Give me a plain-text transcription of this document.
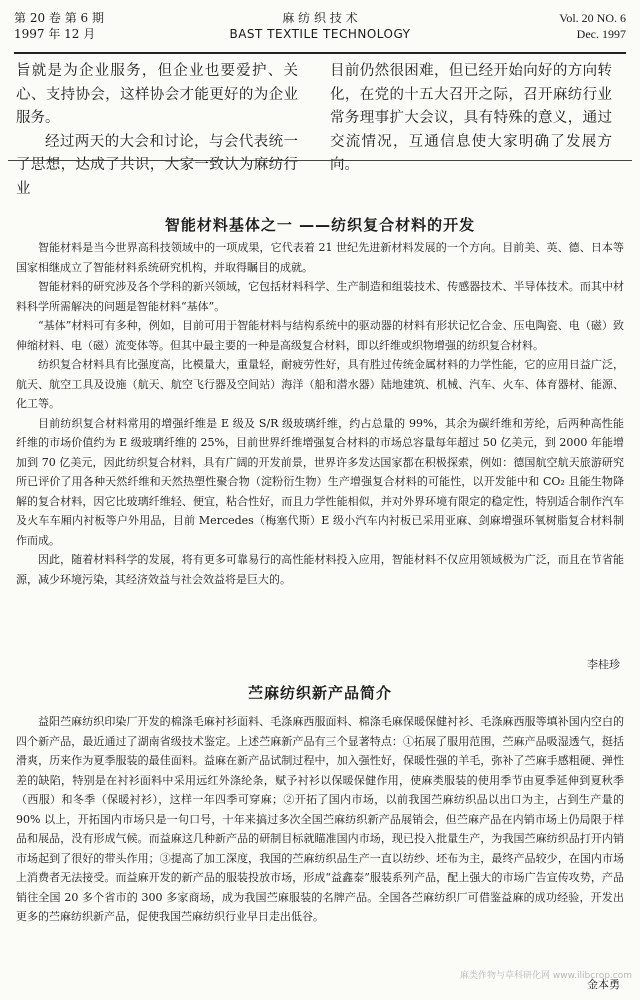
第 20 卷 第 6 期
1997 年 12 月
麻 纺 织 技 术
BAST TEXTILE TECHNOLOGY
Vol. 20 NO. 6
Dec. 1997

旨就是为企业服务，但企业也要爱护、关心、支持协会，这样协会才能更好的为企业服务。

经过两天的大会和讨论，与会代表统一了思想，达成了共识，大家一致认为麻纺行业

目前仍然很困难，但已经开始向好的方向转化，在党的十五大召开之际，召开麻纺行业常务理事扩大会议，具有特殊的意义，通过交流情况，互通信息使大家明确了发展方向。

智能材料基体之一 ——纺织复合材料的开发

智能材料是当今世界高科技领域中的一项成果，它代表着 21 世纪先进新材料发展的一个方向。目前美、英、德、日本等国家相继成立了智能材料系统研究机构，并取得瞩目的成就。

智能材料的研究涉及各个学科的新兴领域，它包括材料科学、生产制造和组装技术、传感器技术、半导体技术。而其中材料科学所需解决的问题是智能材料“基体”。

“基体”材料可有多种，例如，目前可用于智能材料与结构系统中的驱动器的材料有形状记忆合金、压电陶瓷、电（磁）致伸缩材料、电（磁）流变体等。但其中最主要的一种是高级复合材料，即以纤维或织物增强的纺织复合材料。

纺织复合材料具有比强度高，比模量大，重量轻，耐疲劳性好，具有胜过传统金属材料的力学性能，它的应用日益广泛，航天、航空工具及设施（航天、航空飞行器及空间站）海洋（船和潜水器）陆地建筑、机械、汽车、火车、体育器材、能源、化工等。

目前纺织复合材料常用的增强纤维是 E 级及 S/R 级玻璃纤维，约占总量的 99%，其余为碳纤维和芳纶，后两种高性能纤维的市场价值约为 E 级玻璃纤维的 25%，目前世界纤维增强复合材料的市场总容量每年超过 50 亿美元，到 2000 年能增加到 70 亿美元，因此纺织复合材料，具有广阔的开发前景，世界许多发达国家都在积极探索，例如：德国航空航天旅游研究所已评价了用各种天然纤维和天然热塑性聚合物（淀粉衍生物）生产增强复合材料的可能性，以开发能中和 CO₂ 且能生物降解的复合材料，因它比玻璃纤维轻、便宜，粘合性好，而且力学性能相似，并对外界环境有限定的稳定性，特别适合制作汽车及火车车厢内衬板等户外用品，目前 Mercedes（梅塞代斯）E 级小汽车内衬板已采用亚麻、剑麻增强环氧树脂复合材料制作而成。

因此，随着材料科学的发展，将有更多可靠易行的高性能材料投入应用，智能材料不仅应用领域极为广泛，而且在节省能源，减少环境污染，其经济效益与社会效益将是巨大的。

李桂珍
苎麻纺织新产品简介

益阳苎麻纺织印染厂开发的棉涤毛麻衬衫面料、毛涤麻西服面料、棉涤毛麻保暖保健衬衫、毛涤麻西服等填补国内空白的四个新产品，最近通过了湖南省级技术鉴定。上述苎麻新产品有三个显著特点：①拓展了服用范围，苎麻产品吸湿透气，挺括滑爽，历来作为夏季服装的最佳面料。益麻在新产品试制过程中，加入强性好，保暖性强的羊毛，弥补了苎麻手感粗硬、弹性差的缺陷，特别是在衬衫面料中采用远红外涤纶条，赋予衬衫以保暖保健作用，使麻类服装的使用季节由夏季延伸到夏秋季（西服）和冬季（保暖衬衫），这样一年四季可穿麻；②开拓了国内市场，以前我国苎麻纺织品以出口为主，占到生产量的 90% 以上，开拓国内市场只是一句口号，十年来搞过多次全国苎麻纺织新产品展销会，但苎麻产品在内销市场上仍局限于样品和展品，没有形成气候。而益麻这几种新产品的研制目标就瞄准国内市场，现已投入批量生产，为我国苎麻纺织品打开内销市场起到了很好的带头作用；③提高了加工深度，我国的苎麻纺织品生产一直以纺纱、坯布为主，最终产品较少，在国内市场上消费者无法接受。而益麻开发的新产品的服装投放市场，形成“益鑫泰”服装系列产品，配上强大的市场广告宣传攻势，产品销往全国 20 多个省市的 300 多家商场，成为我国苎麻服装的名牌产品。全国各苎麻纺织厂可借鉴益麻的成功经验，开发出更多的苎麻纺织新产品，促使我国苎麻纺织行业早日走出低谷。

金本勇
麻类作物与草科研化网 www.ilibcrop.com
